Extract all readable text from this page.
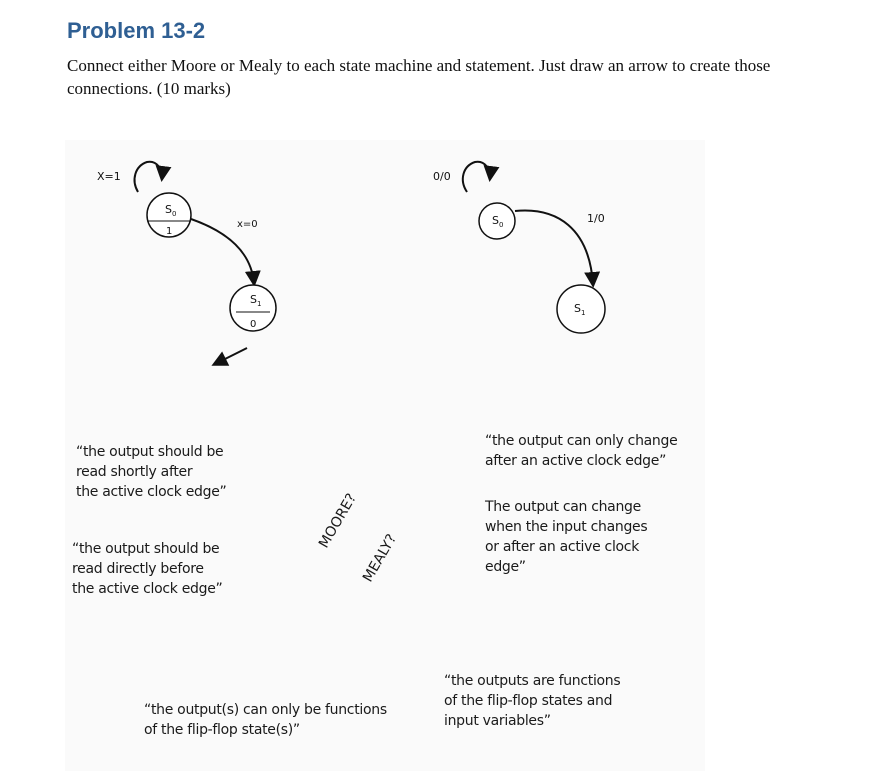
Problem 13-2
Connect either Moore or Mealy to each state machine and statement. Just draw an arrow to create those connections. (10 marks)
X=1
$S_0$
1
x=0
$S_1$
0
0/0
$S_0$	1/0
$S_1$

“the output should be
read shortly after
the active clock edge”

“the output should be
read directly before
the active clock edge”

“the output can only change
after an active clock edge”

The output can change
when the input changes
or after an active clock
edge”

“the output(s) can only be functions
of the flip-flop state(s)”

“the outputs are functions
of the flip-flop states and
input variables”

MOORE?
MEALY?
